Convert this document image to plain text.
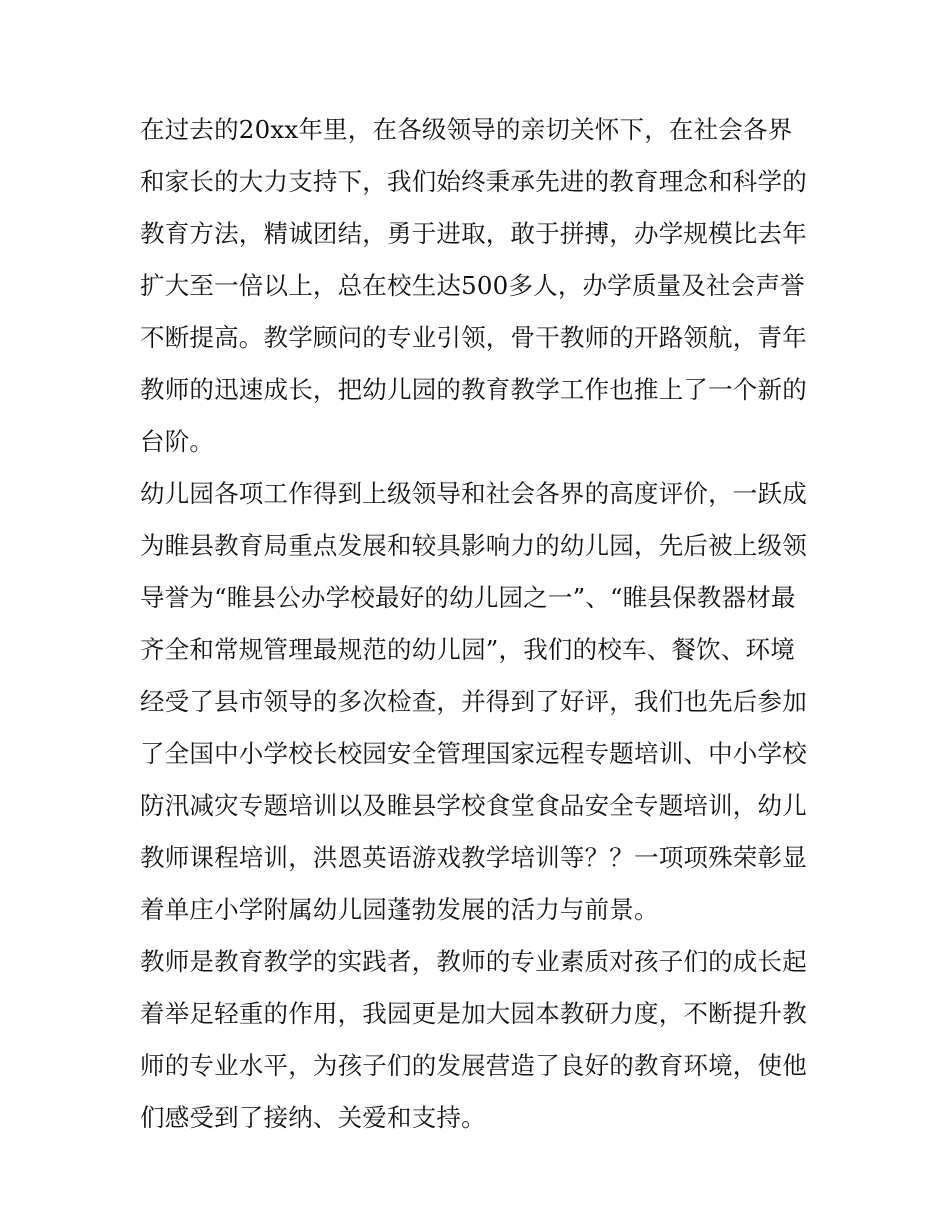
在过去的20xx年里，在各级领导的亲切关怀下，在社会各界
和家长的大力支持下，我们始终秉承先进的教育理念和科学的
教育方法，精诚团结，勇于进取，敢于拼搏，办学规模比去年
扩大至一倍以上，总在校生达500多人，办学质量及社会声誉
不断提高。教学顾问的专业引领，骨干教师的开路领航，青年
教师的迅速成长，把幼儿园的教育教学工作也推上了一个新的
台阶。
幼儿园各项工作得到上级领导和社会各界的高度评价，一跃成
为睢县教育局重点发展和较具影响力的幼儿园，先后被上级领
导誉为“睢县公办学校最好的幼儿园之一”、“睢县保教器材最
齐全和常规管理最规范的幼儿园”，我们的校车、餐饮、环境
经受了县市领导的多次检查，并得到了好评，我们也先后参加
了全国中小学校长校园安全管理国家远程专题培训、中小学校
防汛减灾专题培训以及睢县学校食堂食品安全专题培训，幼儿
教师课程培训，洪恩英语游戏教学培训等？？一项项殊荣彰显
着单庄小学附属幼儿园蓬勃发展的活力与前景。
教师是教育教学的实践者，教师的专业素质对孩子们的成长起
着举足轻重的作用，我园更是加大园本教研力度，不断提升教
师的专业水平，为孩子们的发展营造了良好的教育环境，使他
们感受到了接纳、关爱和支持。
